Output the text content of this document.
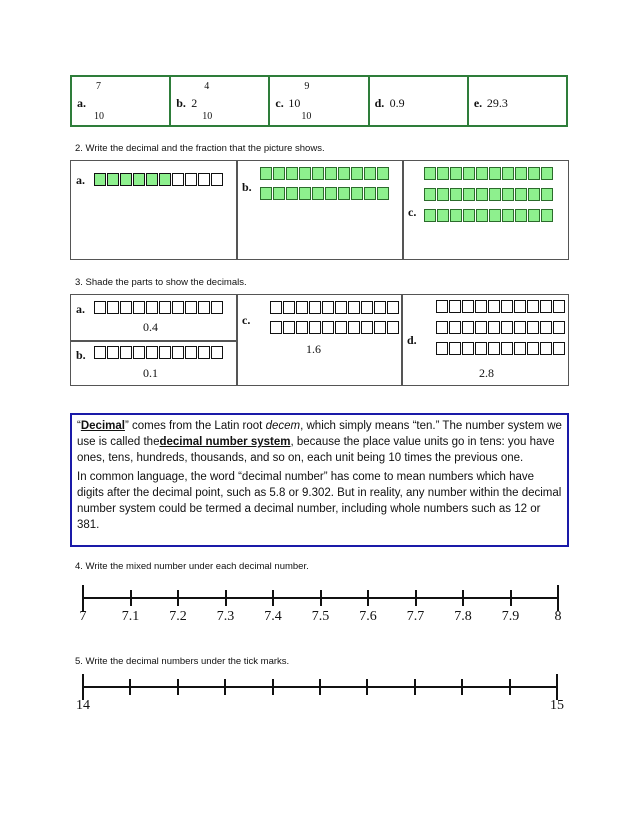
a.
7
10
b. 2
4
10
c. 10
9
10
d. 0.9	e. 29.3
2. Write the decimal and the fraction that the picture shows.
a.	b.
c.
3. Shade the parts to show the decimals.
a.
0.4
b.
0.1
c.
1.6
d.
2.8

“Decimal” comes from the Latin root decem, which simply means “ten.” The number system we use is called thedecimal number system, because the place value units go in tens: you have ones, tens, hundreds, thousands, and so on, each unit being 10 times the previous one.

In common language, the word “decimal number” has come to mean numbers which have digits after the decimal point, such as 5.8 or 9.302. But in reality, any number within the decimal number system could be termed a decimal number, including whole numbers such as 12 or 381.

4. Write the mixed number under each decimal number.
7	7.1 7.2 7.3 7.4 7.5 7.6 7.7 7.8 7.9	8
5. Write the decimal numbers under the tick marks.
14	15
